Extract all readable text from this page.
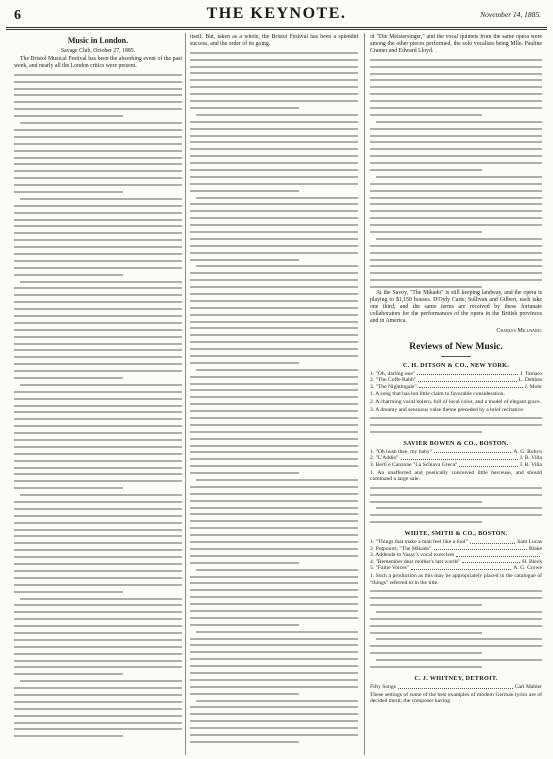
6	THE KEYNOTE.	November 14, 1885.
Music in London.
Savage Club, October 27, 1885.

The Bristol Musical Festival has been the absorbing event of the past week, and nearly all the London critics were present.

itself. But, taken as a whole, the Bristol Festival has been a splendid success, and the order of its going.

of "Die Meistersinger," and the vocal quintets from the same opera were among the other pieces performed, the solo vocalists being Mlle. Pauline Cramer and Edward Lloyd.

At the Savoy, "The Mikado" is still keeping landway, and the opera is playing to $1,150 houses. D'Oyly Carte, Sullivan and Gilbert, each take one third, and the same terms are received by these fortunate collaborators for the performances of the opera in the British provinces and in America.

Charles Millward.
Reviews of New Music.
C. H. DITSON & CO., NEW YORK.
1. "Oh, darling one"	J. Tamaro
2. "The Coffe Rabb"	L. Delibes
3. "The Nightingale"	J. Mohr

1. A song that has but little claim to favorable consideration.

2. A charming vocal bolero, full of local color, and a model of elegant grace.

3. A dreamy and sensuous valse theme preceded by a brief recitative.

SAVIER BOWEN & CO., BOSTON.
1. "Oh hush thee, my baby"	A. G. Robyn
2. "L'Addio"	J. B. Villa
3. Berli e Canzone "La Schiava Greca"	J. B. Villa

1. An unaffected and poetically conceived little berceuse, and should command a large sale.

WHITE, SMITH & CO., BOSTON.
1. "Things that make a man feel like a fool"	Sam Lucas
2. Potpourri, "The Mikado"	Blake
3. Addenda to Vassy's vocal exercises
4. "Remember dear mother's last words"	H. Bleck
5. "Faitie Voices"	A. G. Crowe

1. Such a production as this may be appropriately placed in the catalogue of "things" referred to in the title.

C. J. WHITNEY, DETROIT.
Fifty Songs	Carl Mahler

These settings of some of the best examples of modern German lyrics are of decided merit, the composer having
